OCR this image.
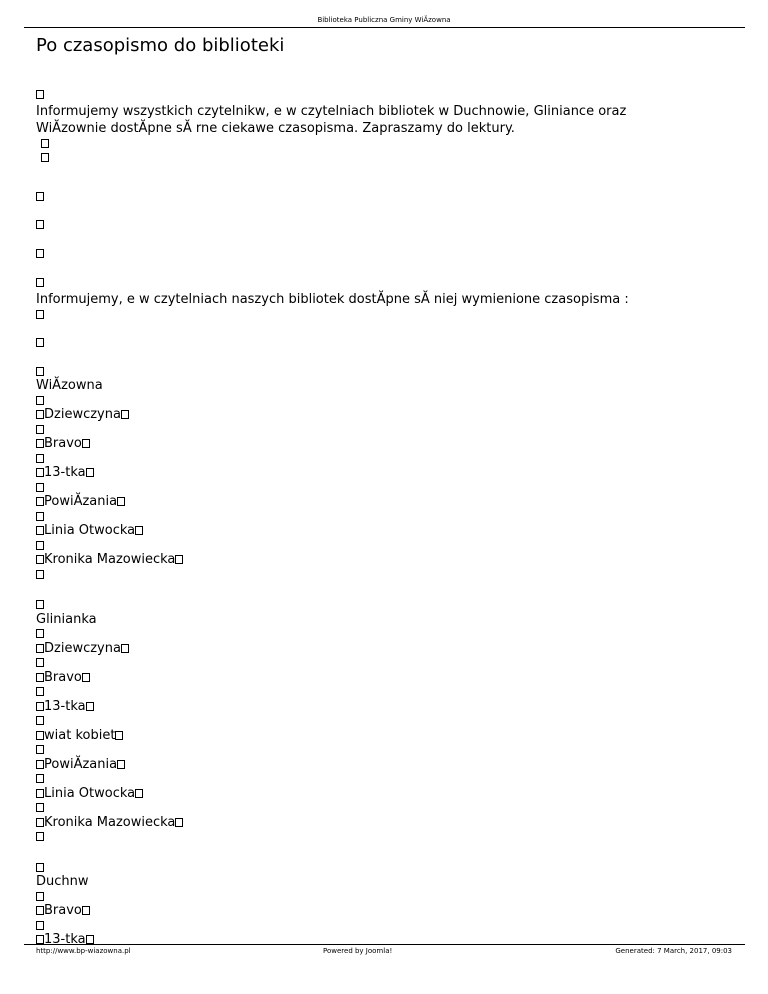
Biblioteka Publiczna Gminy WiĂzowna
Po czasopismo do biblioteki
Informujemy wszystkich czytelnikw, e w czytelniach bibliotek w Duchnowie, Gliniance oraz
WiĂzownie dostĂpne sĂ rne ciekawe czasopisma. Zapraszamy do lektury.
Informujemy, e w czytelniach naszych bibliotek dostĂpne sĂ niej wymienione czasopisma :
WiĂzowna
Dziewczyna
Bravo
13-tka
PowiĂzania
Linia Otwocka
Kronika Mazowiecka
Glinianka
Dziewczyna
Bravo
13-tka
wiat kobiet
PowiĂzania
Linia Otwocka
Kronika Mazowiecka
Duchnw
Bravo
13-tka
http://www.bp-wiazowna.pl	Powered by Joomla!	Generated: 7 March, 2017, 09:03
